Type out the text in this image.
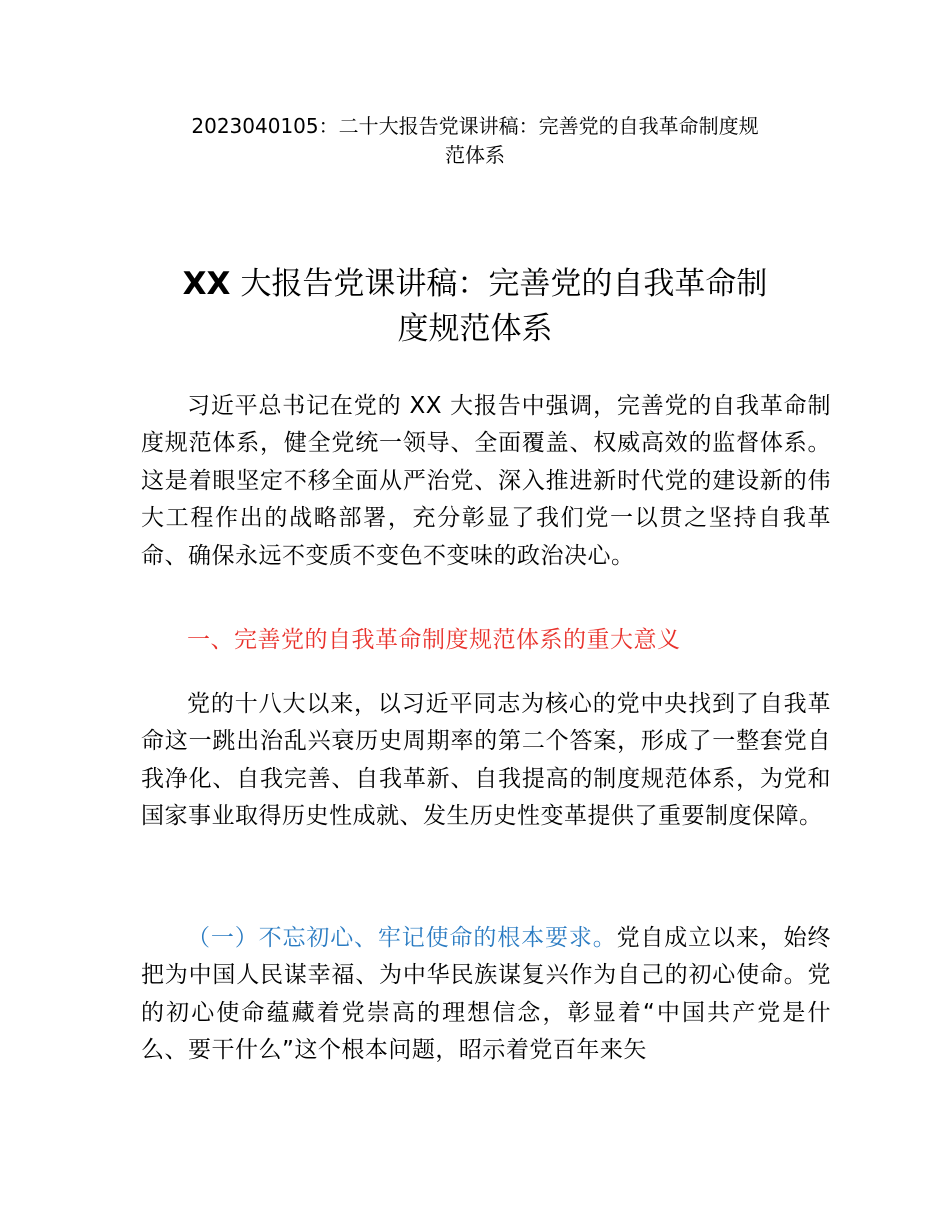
2023040105：二十大报告党课讲稿：完善党的自我革命制度规
范体系
XX 大报告党课讲稿：完善党的自我革命制
度规范体系

习近平总书记在党的 XX 大报告中强调，完善党的自我革命制度规范体系，健全党统一领导、全面覆盖、权威高效的监督体系。这是着眼坚定不移全面从严治党、深入推进新时代党的建设新的伟大工程作出的战略部署，充分彰显了我们党一以贯之坚持自我革命、确保永远不变质不变色不变味的政治决心。

一、完善党的自我革命制度规范体系的重大意义

党的十八大以来，以习近平同志为核心的党中央找到了自我革命这一跳出治乱兴衰历史周期率的第二个答案，形成了一整套党自我净化、自我完善、自我革新、自我提高的制度规范体系，为党和国家事业取得历史性成就、发生历史性变革提供了重要制度保障。

（一）不忘初心、牢记使命的根本要求。党自成立以来，始终把为中国人民谋幸福、为中华民族谋复兴作为自己的初心使命。党的初心使命蕴藏着党崇高的理想信念，彰显着“中国共产党是什么、要干什么”这个根本问题，昭示着党百年来矢
